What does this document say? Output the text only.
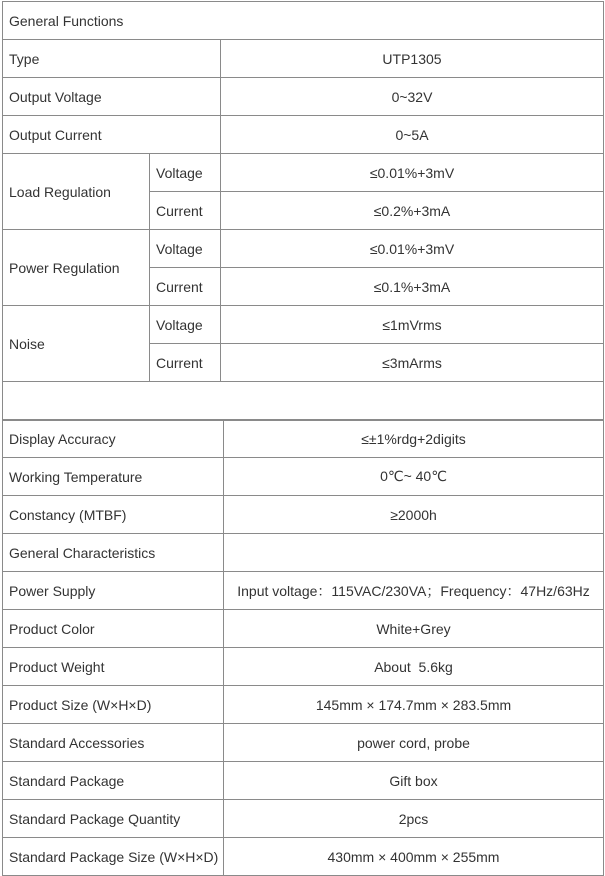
General Functions		
Type		UTP1305
Output Voltage		0~32V
Output Current		0~5A
Load Regulation	Voltage	≤0.01%+3mV
	Current	≤0.2%+3mA
Power Regulation	Voltage	≤0.01%+3mV
	Current	≤0.1%+3mA
Noise	Voltage	≤1mVrms
	Current	≤3mArms

Display Accuracy	≤±1%rdg+2digits
Working Temperature	0℃~ 40℃
Constancy (MTBF)	≥2000h
General Characteristics	
Power Supply	Input voltage：115VAC/230VA；Frequency：47Hz/63Hz
Product Color	White+Grey
Product Weight	About  5.6kg
Product Size (W×H×D)	145mm × 174.7mm × 283.5mm
Standard Accessories	power cord, probe
Standard Package	Gift box
Standard Package Quantity	2pcs
Standard Package Size (W×H×D)	430mm × 400mm × 255mm
